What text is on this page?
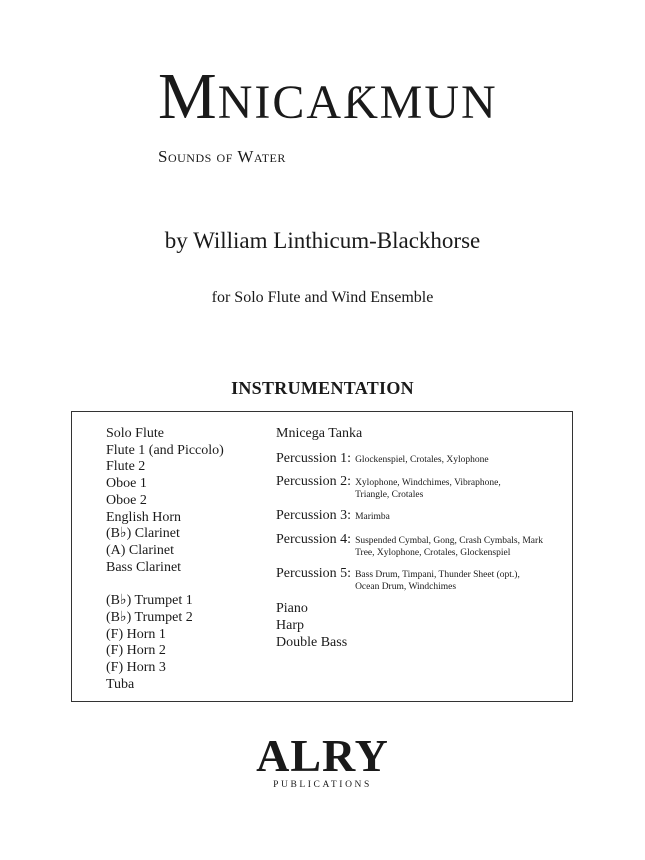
MNICAƘMUN
Sounds of Water
by William Linthicum-Blackhorse
for Solo Flute and Wind Ensemble
INSTRUMENTATION
Solo Flute
Flute 1 (and Piccolo)
Flute 2
Oboe 1
Oboe 2
English Horn
(B♭) Clarinet
(A) Clarinet
Bass Clarinet
(B♭) Trumpet 1
(B♭) Trumpet 2
(F) Horn 1
(F) Horn 2
(F) Horn 3
Tuba
Mnicega Tanka
Percussion 1: Glockenspiel, Crotales, Xylophone
Percussion 2: Xylophone, Windchimes, Vibraphone, Triangle, Crotales
Percussion 3: Marimba
Percussion 4: Suspended Cymbal, Gong, Crash Cymbals, Mark Tree, Xylophone, Crotales, Glockenspiel
Percussion 5: Bass Drum, Timpani, Thunder Sheet (opt.), Ocean Drum, Windchimes
Piano
Harp
Double Bass
ALRY
PUBLICATIONS
